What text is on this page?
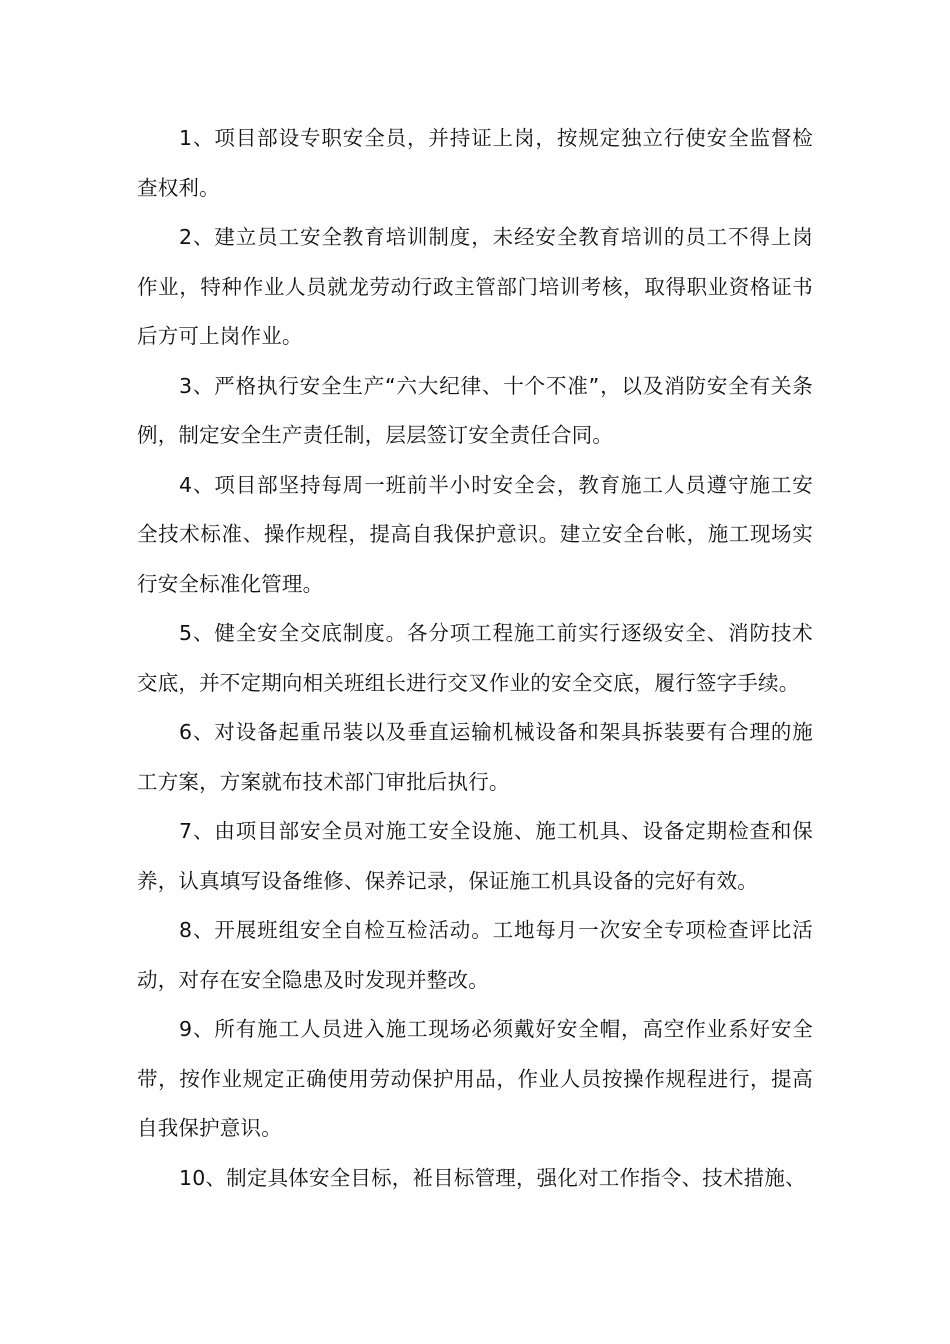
1、项目部设专职安全员，并持证上岗，按规定独立行使安全监督检查权利。

2、建立员工安全教育培训制度，未经安全教育培训的员工不得上岗作业，特种作业人员就龙劳动行政主管部门培训考核，取得职业资格证书后方可上岗作业。

3、严格执行安全生产“六大纪律、十个不准”，以及消防安全有关条例，制定安全生产责任制，层层签订安全责任合同。

4、项目部坚持每周一班前半小时安全会，教育施工人员遵守施工安全技术标准、操作规程，提高自我保护意识。建立安全台帐，施工现场实行安全标准化管理。

5、健全安全交底制度。各分项工程施工前实行逐级安全、消防技术交底，并不定期向相关班组长进行交叉作业的安全交底，履行签字手续。

6、对设备起重吊装以及垂直运输机械设备和架具拆装要有合理的施工方案，方案就布技术部门审批后执行。

7、由项目部安全员对施工安全设施、施工机具、设备定期检查和保养，认真填写设备维修、保养记录，保证施工机具设备的完好有效。

8、开展班组安全自检互检活动。工地每月一次安全专项检查评比活动，对存在安全隐患及时发现并整改。

9、所有施工人员进入施工现场必须戴好安全帽，高空作业系好安全带，按作业规定正确使用劳动保护用品，作业人员按操作规程进行，提高自我保护意识。

10、制定具体安全目标，袵目标管理，强化对工作指令、技术措施、
